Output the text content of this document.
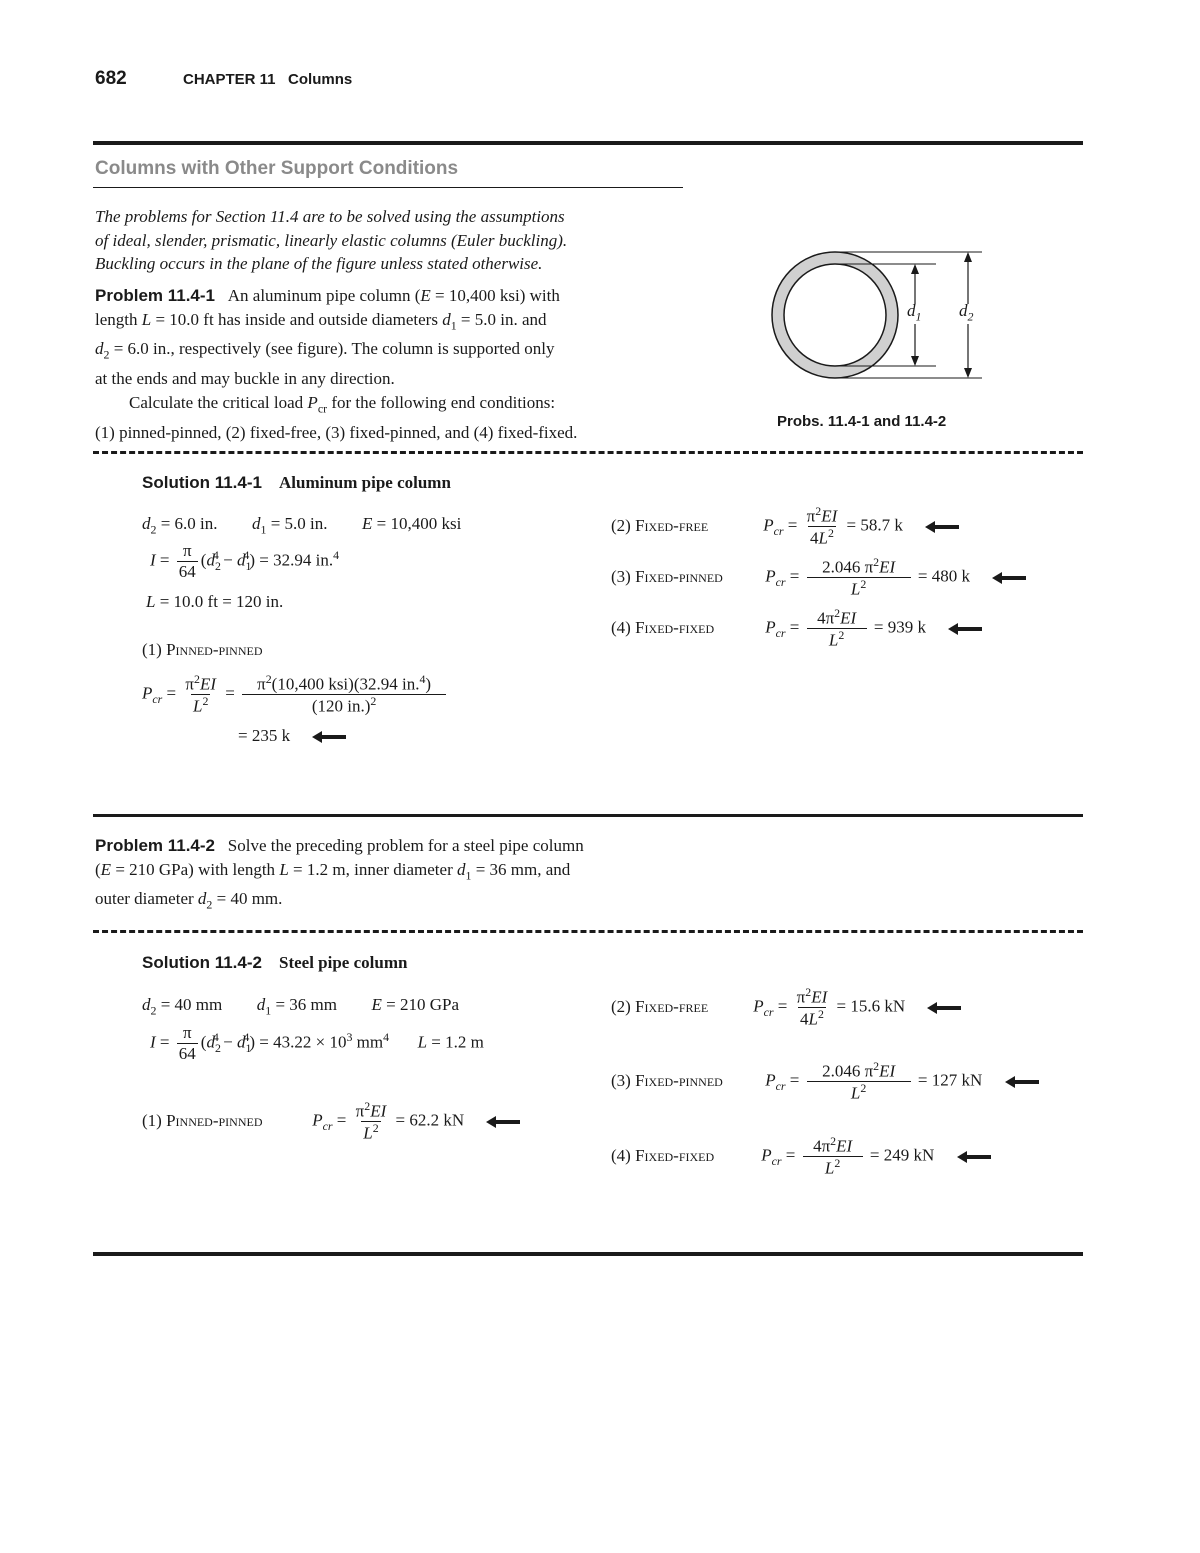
682	CHAPTER 11 Columns
Columns with Other Support Conditions
The problems for Section 11.4 are to be solved using the assumptions
of ideal, slender, prismatic, linearly elastic columns (Euler buckling).
Buckling occurs in the plane of the figure unless stated otherwise.
Problem 11.4-1 An aluminum pipe column (E = 10,400 ksi) with
length L = 10.0 ft has inside and outside diameters $d_1 = 5.0$ in. and
$d_2 = 6.0$ in., respectively (see figure). The column is supported only
at the ends and may buckle in any direction.
Calculate the critical load $P_{cr}$ for the following end conditions:
(1) pinned-pinned, (2) fixed-free, (3) fixed-pinned, and (4) fixed-fixed.
$d_1$ $d_2$
Probs. 11.4-1 and 11.4-2
Solution 11.4-1 Aluminum pipe column
$d_2 = 6.0$ in. $d_1 = 5.0$ in. E = 10,400 ksi
$I = \frac{\pi}{64} (d_2^4 - d_1^4) = 32.94$ in.$^4$
L = 10.0 ft = 120 in.
(1) Pinned-pinned
$P_{cr} = \frac{\pi^2EI}{L^2} = \frac{\pi^2(10,400 ksi)(32.94 in.^4)}{(120 in.)^2}$
= 235 k
(2) Fixed-free	$P_{cr} = \frac{\pi^2EI}{4L^2} = 58.7$ k
(3) Fixed-pinned $P_{cr} = \frac{2.046 \pi^2EI}{L^2} = 480$ k
(4) Fixed-fixed	$P_{cr} = \frac{4\pi^2EI}{L^2} = 939$ k
Problem 11.4-2 Solve the preceding problem for a steel pipe column
(E = 210 GPa) with length L = 1.2 m, inner diameter $d_1 = 36$ mm, and
outer diameter $d_2 = 40$ mm.
Solution 11.4-2 Steel pipe column
$d_2 = 40$ mm $d_1 = 36$ mm E = 210 GPa
$I = \frac{\pi}{64} (d_2^4 - d_1^4) = 43.22 \times 10^3$ $mm^4$ L = 1.2 m
(1) Pinned-pinned	$P_{cr} = \frac{\pi^2EI}{L^2} = 62.2$ kN
(2) Fixed-free	$P_{cr} = \frac{\pi^2EI}{4L^2} = 15.6$ kN
(3) Fixed-pinned $P_{cr} = \frac{2.046 \pi^2EI}{L^2} = 127$ kN
(4) Fixed-fixed	$P_{cr} = \frac{4\pi^2EI}{L^2} = 249$ kN
